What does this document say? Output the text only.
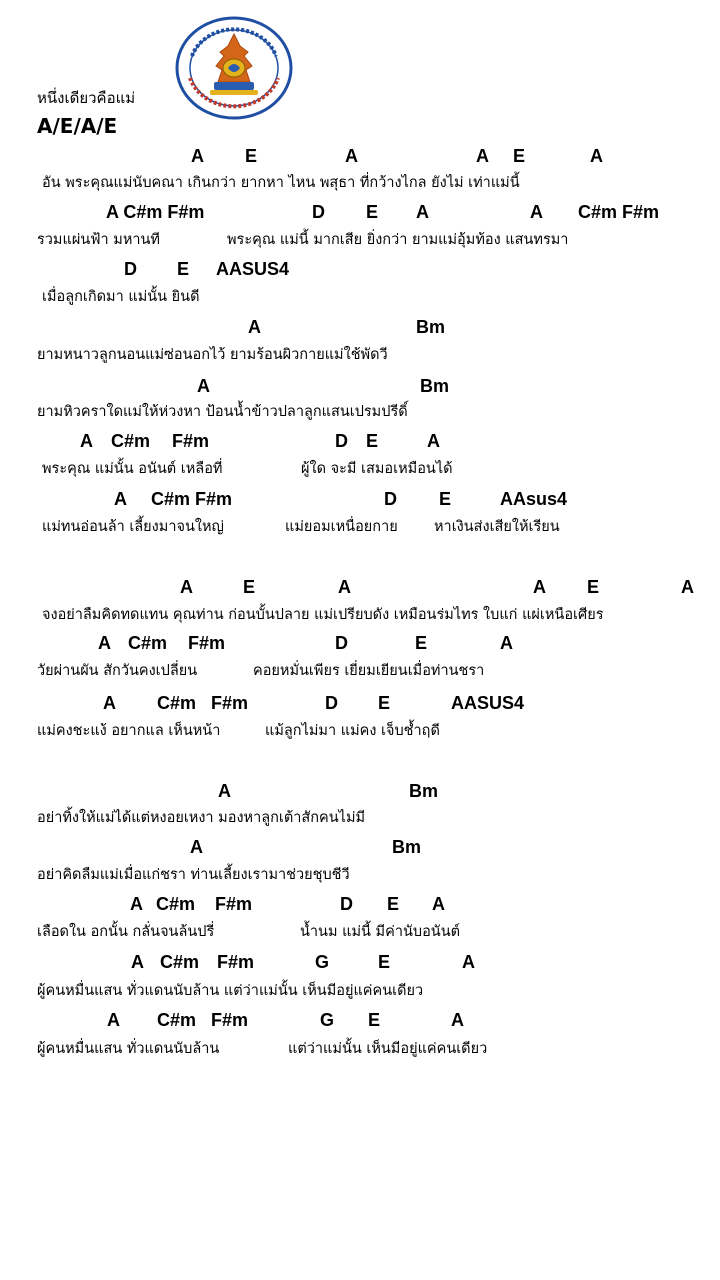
หนึ่งเดียวคือแม่
A/E/A/E
A E	A	A E	A
อัน พระคุณแม่นับคณา เกินกว่า ยากหา ไหน พสุธา ที่กว้างไกล ยังไม่ เท่าแม่นี้
A C#m F#m	D E A	A C#m F#m
รวมแผ่นฟ้า มหานที	พระคุณ แม่นี้ มากเสีย ยิ่งกว่า ยามแม่อุ้มท้อง แสนทรมา
D E AASUS4
เมื่อลูกเกิดมา แม่นั้น ยินดี
A	Bm
ยามหนาวลูกนอนแม่ซ่อนอกไว้ ยามร้อนผิวกายแม่ใช้พัดวี
A	Bm
ยามหิวคราใดแม่ให้ห่วงหา ป้อนน้ำข้าวปลาลูกแสนเปรมปรีดิ์
A C#m F#m	D E	A
พระคุณ แม่นั้น อนันต์ เหลือที่	ผู้ใด จะมี เสมอเหมือนได้
A C#m F#m	D E	AAsus4
แม่ทนอ่อนล้า เลี้ยงมาจนใหญ่	แม่ยอมเหนื่อยกาย	หาเงินส่งเสียให้เรียน
A	E	A	A E	A
จงอย่าลืมคิดทดแทน คุณท่าน ก่อนบั้นปลาย แม่เปรียบดัง เหมือนร่มไทร ใบแก่ แผ่เหนือเศียร
A C#m F#m	D	E	A
วัยผ่านผัน สักวันคงเปลี่ยน	คอยหมั่นเพียร เยี่ยมเยียนเมื่อท่านชรา
A C#m F#m	D E	AASUS4
แม่คงชะแง้ อยากแล เห็นหน้า	แม้ลูกไม่มา แม่คง เจ็บช้ำฤดี
A	Bm
อย่าทิ้งให้แม่ได้แต่หงอยเหงา มองหาลูกเต้าสักคนไม่มี
A	Bm
อย่าคิดลืมแม่เมื่อแก่ชรา ท่านเลี้ยงเรามาช่วยชุบชีวี
A C#m F#m	D E A
เลือดใน อกนั้น กลั่นจนล้นปรี่	น้ำนม แม่นี้ มีค่านับอนันต์
A C#m F#m	G	E	A
ผู้คนหมื่นแสน ทั่วแดนนับล้าน แต่ว่าแม่นั้น เห็นมีอยู่แค่คนเดียว
A C#m F#m	G E	A
ผู้คนหมื่นแสน ทั่วแดนนับล้าน	แต่ว่าแม่นั้น เห็นมีอยู่แค่คนเดียว
